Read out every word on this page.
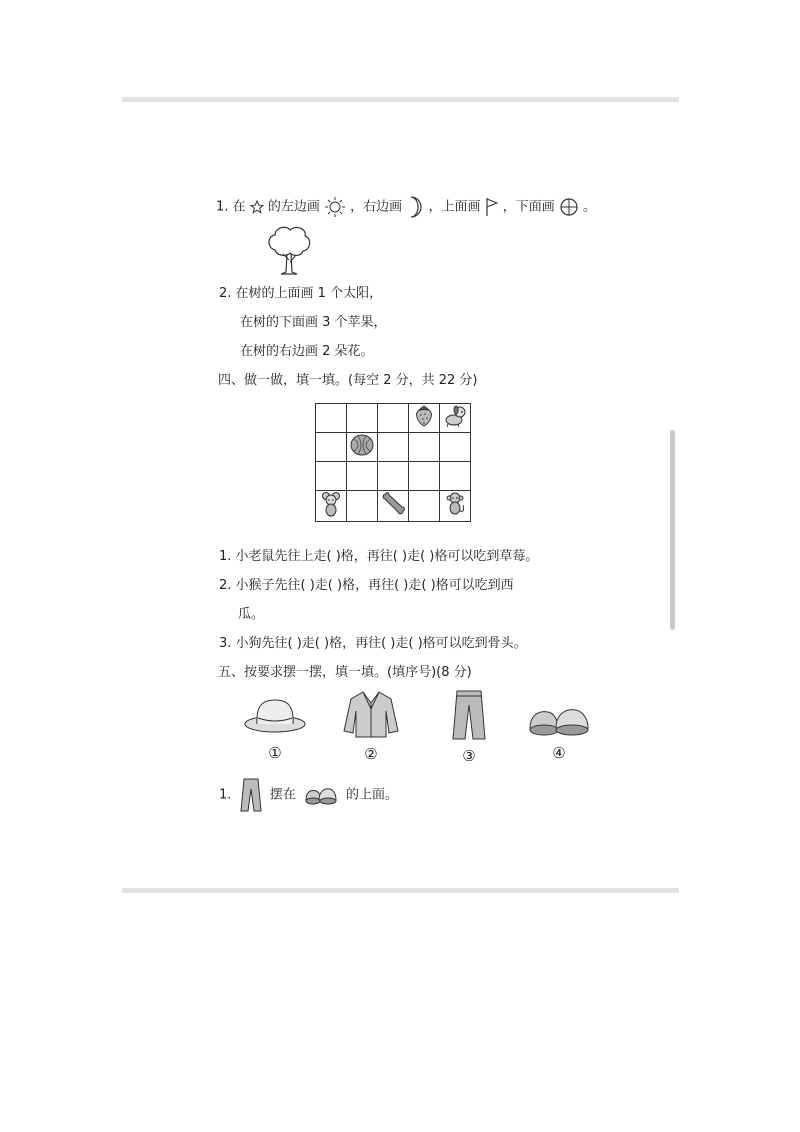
1. 在 的左边画 ，右边画 ，上面画 ，下面画 。
2. 在树的上面画 1 个太阳，
在树的下面画 3 个苹果，
在树的右边画 2 朵花。
四、做一做，填一填。(每空 2 分，共 22 分)

1. 小老鼠先往上走( )格，再往( )走( )格可以吃到草莓。
2. 小猴子先往( )走( )格，再往( )走( )格可以吃到西
瓜。
3. 小狗先往( )走( )格，再往( )走( )格可以吃到骨头。
五、按要求摆一摆，填一填。(填序号)(8 分)
①	②	③	④
1.	摆在	的上面。
